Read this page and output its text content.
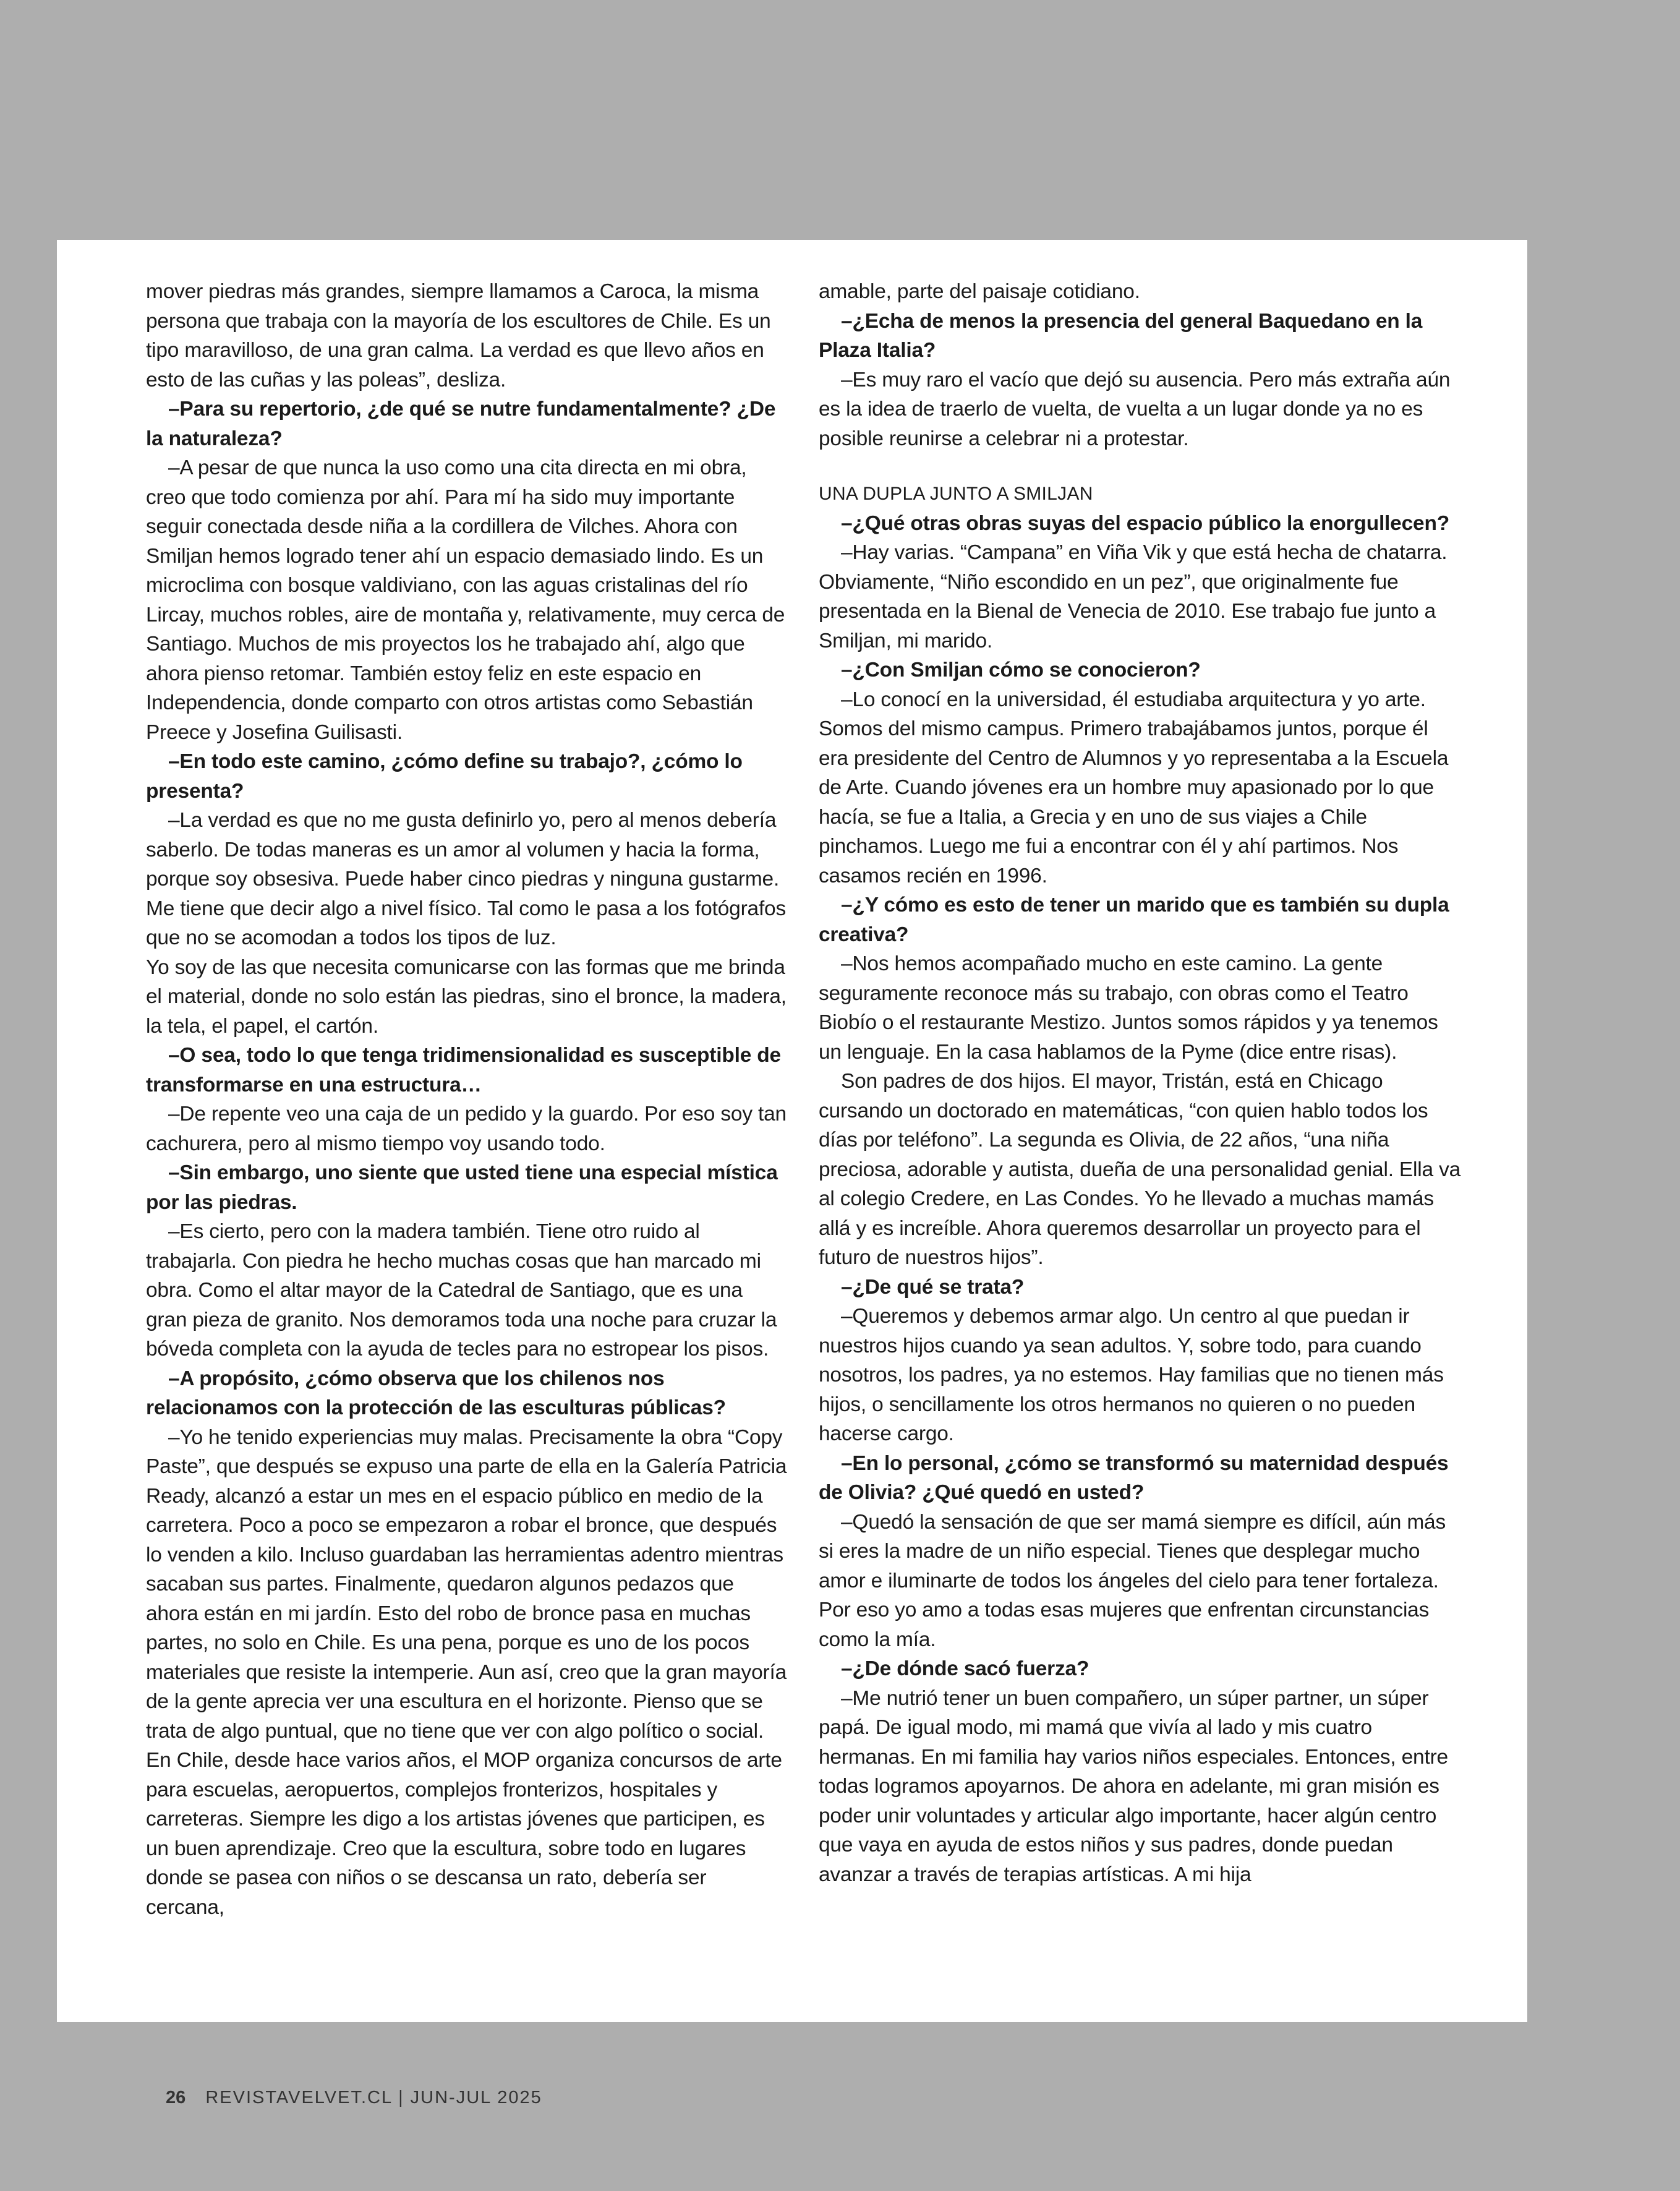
mover piedras más grandes, siempre llamamos a Caroca, la misma persona que trabaja con la mayoría de los escultores de Chile. Es un tipo maravilloso, de una gran calma. La verdad es que llevo años en esto de las cuñas y las poleas”, desliza.

–Para su repertorio, ¿de qué se nutre fundamentalmente? ¿De la naturaleza?

–A pesar de que nunca la uso como una cita directa en mi obra, creo que todo comienza por ahí. Para mí ha sido muy importante seguir conectada desde niña a la cordillera de Vilches. Ahora con Smiljan hemos logrado tener ahí un espacio demasiado lindo. Es un microclima con bosque valdiviano, con las aguas cristalinas del río Lircay, muchos robles, aire de montaña y, relativamente, muy cerca de Santiago. Muchos de mis proyectos los he trabajado ahí, algo que ahora pienso retomar. También estoy feliz en este espacio en Independencia, donde comparto con otros artistas como Sebastián Preece y Josefina Guilisasti.

–En todo este camino, ¿cómo define su trabajo?, ¿cómo lo presenta?

–La verdad es que no me gusta definirlo yo, pero al menos debería saberlo. De todas maneras es un amor al volumen y hacia la forma, porque soy obsesiva. Puede haber cinco piedras y ninguna gustarme. Me tiene que decir algo a nivel físico. Tal como le pasa a los fotógrafos que no se acomodan a todos los tipos de luz.

Yo soy de las que necesita comunicarse con las formas que me brinda el material, donde no solo están las piedras, sino el bronce, la madera, la tela, el papel, el cartón.

–O sea, todo lo que tenga tridimensionalidad es susceptible de transformarse en una estructura…

–De repente veo una caja de un pedido y la guardo. Por eso soy tan cachurera, pero al mismo tiempo voy usando todo.

–Sin embargo, uno siente que usted tiene una especial mística por las piedras.

–Es cierto, pero con la madera también. Tiene otro ruido al trabajarla. Con piedra he hecho muchas cosas que han marcado mi obra. Como el altar mayor de la Catedral de Santiago, que es una gran pieza de granito. Nos demoramos toda una noche para cruzar la bóveda completa con la ayuda de tecles para no estropear los pisos.

–A propósito, ¿cómo observa que los chilenos nos relacionamos con la protección de las esculturas públicas?

–Yo he tenido experiencias muy malas. Precisamente la obra “Copy Paste”, que después se expuso una parte de ella en la Galería Patricia Ready, alcanzó a estar un mes en el espacio público en medio de la carretera. Poco a poco se empezaron a robar el bronce, que después lo venden a kilo. Incluso guardaban las herramientas adentro mientras sacaban sus partes. Finalmente, quedaron algunos pedazos que ahora están en mi jardín. Esto del robo de bronce pasa en muchas partes, no solo en Chile. Es una pena, porque es uno de los pocos materiales que resiste la intemperie. Aun así, creo que la gran mayoría de la gente aprecia ver una escultura en el horizonte. Pienso que se trata de algo puntual, que no tiene que ver con algo político o social. En Chile, desde hace varios años, el MOP organiza concursos de arte para escuelas, aeropuertos, complejos fronterizos, hospitales y carreteras. Siempre les digo a los artistas jóvenes que participen, es un buen aprendizaje. Creo que la escultura, sobre todo en lugares donde se pasea con niños o se descansa un rato, debería ser cercana,

amable, parte del paisaje cotidiano.

–¿Echa de menos la presencia del general Baquedano en la Plaza Italia?

–Es muy raro el vacío que dejó su ausencia. Pero más extraña aún es la idea de traerlo de vuelta, de vuelta a un lugar donde ya no es posible reunirse a celebrar ni a protestar.

UNA DUPLA JUNTO A SMILJAN

–¿Qué otras obras suyas del espacio público la enorgullecen?

–Hay varias. “Campana” en Viña Vik y que está hecha de chatarra. Obviamente, “Niño escondido en un pez”, que originalmente fue presentada en la Bienal de Venecia de 2010. Ese trabajo fue junto a Smiljan, mi marido.

–¿Con Smiljan cómo se conocieron?

–Lo conocí en la universidad, él estudiaba arquitectura y yo arte. Somos del mismo campus. Primero trabajábamos juntos, porque él era presidente del Centro de Alumnos y yo representaba a la Escuela de Arte. Cuando jóvenes era un hombre muy apasionado por lo que hacía, se fue a Italia, a Grecia y en uno de sus viajes a Chile pinchamos. Luego me fui a encontrar con él y ahí partimos. Nos casamos recién en 1996.

–¿Y cómo es esto de tener un marido que es también su dupla creativa?

–Nos hemos acompañado mucho en este camino. La gente seguramente reconoce más su trabajo, con obras como el Teatro Biobío o el restaurante Mestizo. Juntos somos rápidos y ya tenemos un lenguaje. En la casa hablamos de la Pyme (dice entre risas).

Son padres de dos hijos. El mayor, Tristán, está en Chicago cursando un doctorado en matemáticas, “con quien hablo todos los días por teléfono”. La segunda es Olivia, de 22 años, “una niña preciosa, adorable y autista, dueña de una personalidad genial. Ella va al colegio Credere, en Las Condes. Yo he llevado a muchas mamás allá y es increíble. Ahora queremos desarrollar un proyecto para el futuro de nuestros hijos”.

–¿De qué se trata?

–Queremos y debemos armar algo. Un centro al que puedan ir nuestros hijos cuando ya sean adultos. Y, sobre todo, para cuando nosotros, los padres, ya no estemos. Hay familias que no tienen más hijos, o sencillamente los otros hermanos no quieren o no pueden hacerse cargo.

–En lo personal, ¿cómo se transformó su maternidad después de Olivia? ¿Qué quedó en usted?

–Quedó la sensación de que ser mamá siempre es difícil, aún más si eres la madre de un niño especial. Tienes que desplegar mucho amor e iluminarte de todos los ángeles del cielo para tener fortaleza. Por eso yo amo a todas esas mujeres que enfrentan circunstancias como la mía.

–¿De dónde sacó fuerza?

–Me nutrió tener un buen compañero, un súper partner, un súper papá. De igual modo, mi mamá que vivía al lado y mis cuatro hermanas. En mi familia hay varios niños especiales. Entonces, entre todas logramos apoyarnos. De ahora en adelante, mi gran misión es poder unir voluntades y articular algo importante, hacer algún centro que vaya en ayuda de estos niños y sus padres, donde puedan avanzar a través de terapias artísticas. A mi hija

26 REVISTAVELVET.CL | JUN-JUL 2025
